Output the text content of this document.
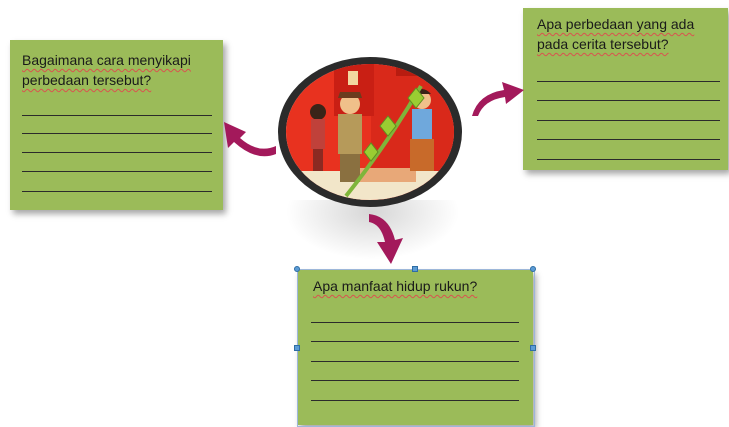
Bagaimana cara menyikapi perbedaan tersebut?
Apa perbedaan yang ada pada cerita tersebut?
Apa manfaat hidup rukun?
